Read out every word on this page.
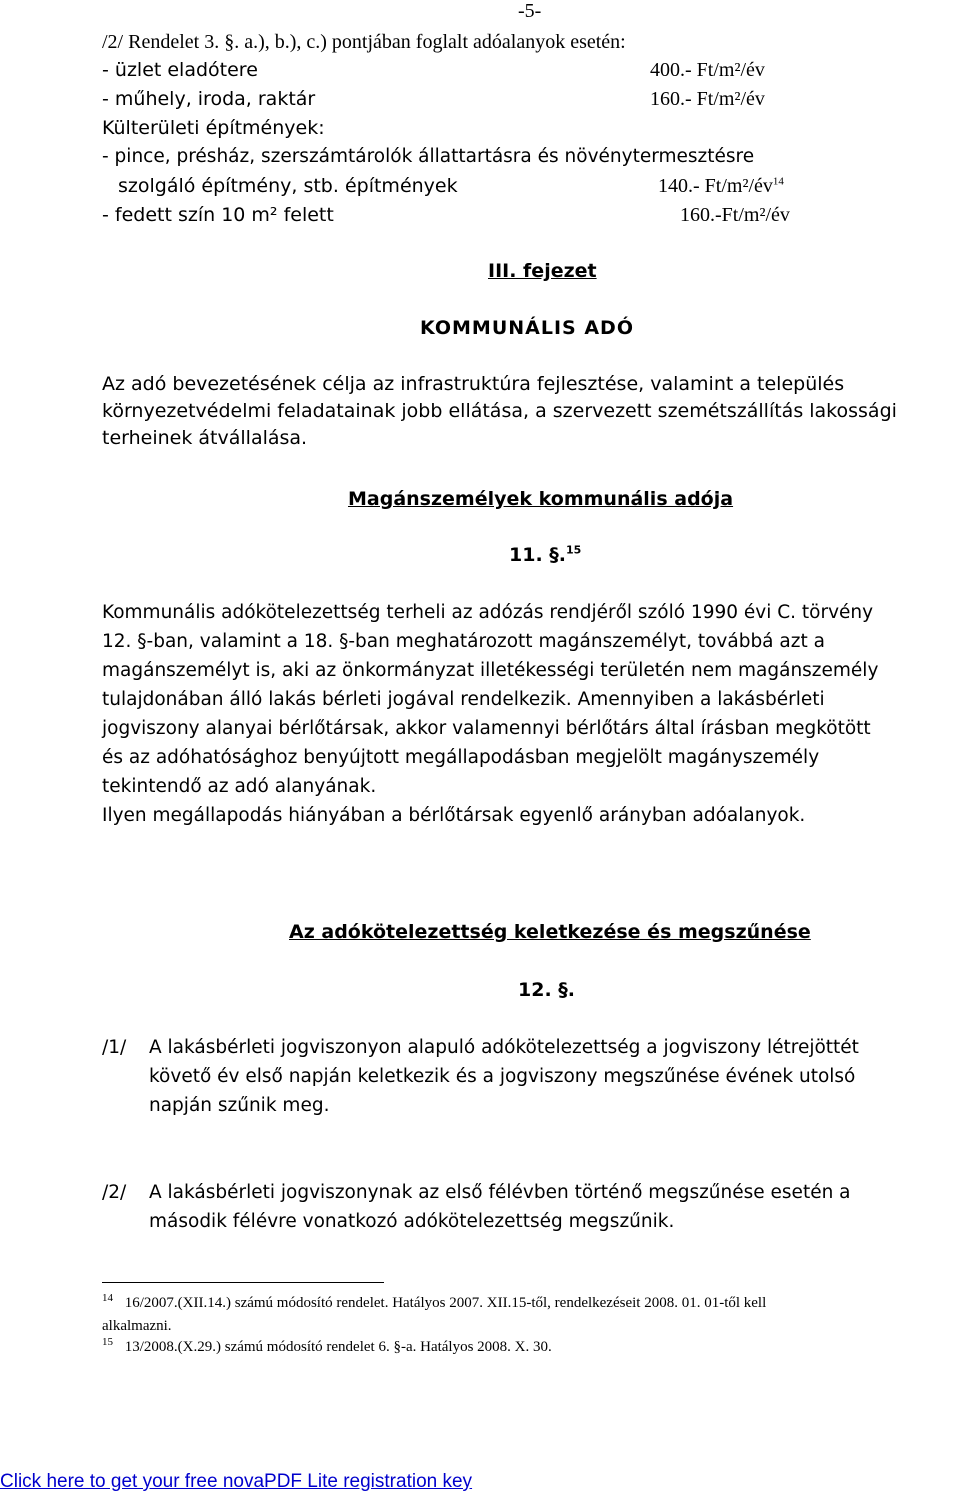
-5-
/2/ Rendelet 3. §. a.), b.), c.) pontjában foglalt adóalanyok esetén:
- üzlet eladótere	400.- Ft/m²/év
- műhely, iroda, raktár	160.- Ft/m²/év
Külterületi építmények:
- pince, présház, szerszámtárolók állattartásra és növénytermesztésre
szolgáló építmény, stb. építmények	140.- $Ft/m^2/év^{14}$
- fedett szín 10 m² felett	160.-Ft/m²/év
III. fejezet
KOMMUNÁLIS ADÓ
Az adó bevezetésének célja az infrastruktúra fejlesztése, valamint a település
környezetvédelmi feladatainak jobb ellátása, a szervezett szemétszállítás lakossági
terheinek átvállalása.
Magánszemélyek kommunális adója
11. §.$^{15}$
Kommunális adókötelezettség terheli az adózás rendjéről szóló 1990 évi C. törvény
12. §-ban, valamint a 18. §-ban meghatározott magánszemélyt, továbbá azt a
magánszemélyt is, aki az önkormányzat illetékességi területén nem magánszemély
tulajdonában álló lakás bérleti jogával rendelkezik. Amennyiben a lakásbérleti
jogviszony alanyai bérlőtársak, akkor valamennyi bérlőtárs által írásban megkötött
és az adóhatósághoz benyújtott megállapodásban megjelölt magányszemély
tekintendő az adó alanyának.
Ilyen megállapodás hiányában a bérlőtársak egyenlő arányban adóalanyok.
Az adókötelezettség keletkezése és megszűnése
12. §.
/1/ A lakásbérleti jogviszonyon alapuló adókötelezettség a jogviszony létrejöttét
követő év első napján keletkezik és a jogviszony megszűnése évének utolsó
napján szűnik meg.
/2/ A lakásbérleti jogviszonynak az első félévben történő megszűnése esetén a
második félévre vonatkozó adókötelezettség megszűnik.
$^{14}$ 16/2007.(XII.14.) számú módosító rendelet. Hatályos 2007. XII.15-től, rendelkezéseit 2008. 01. 01-től kell
alkalmazni.
$^{15}$ 13/2008.(X.29.) számú módosító rendelet 6. §-a. Hatályos 2008. X. 30.
Click here to get your free novaPDF Lite registration key
